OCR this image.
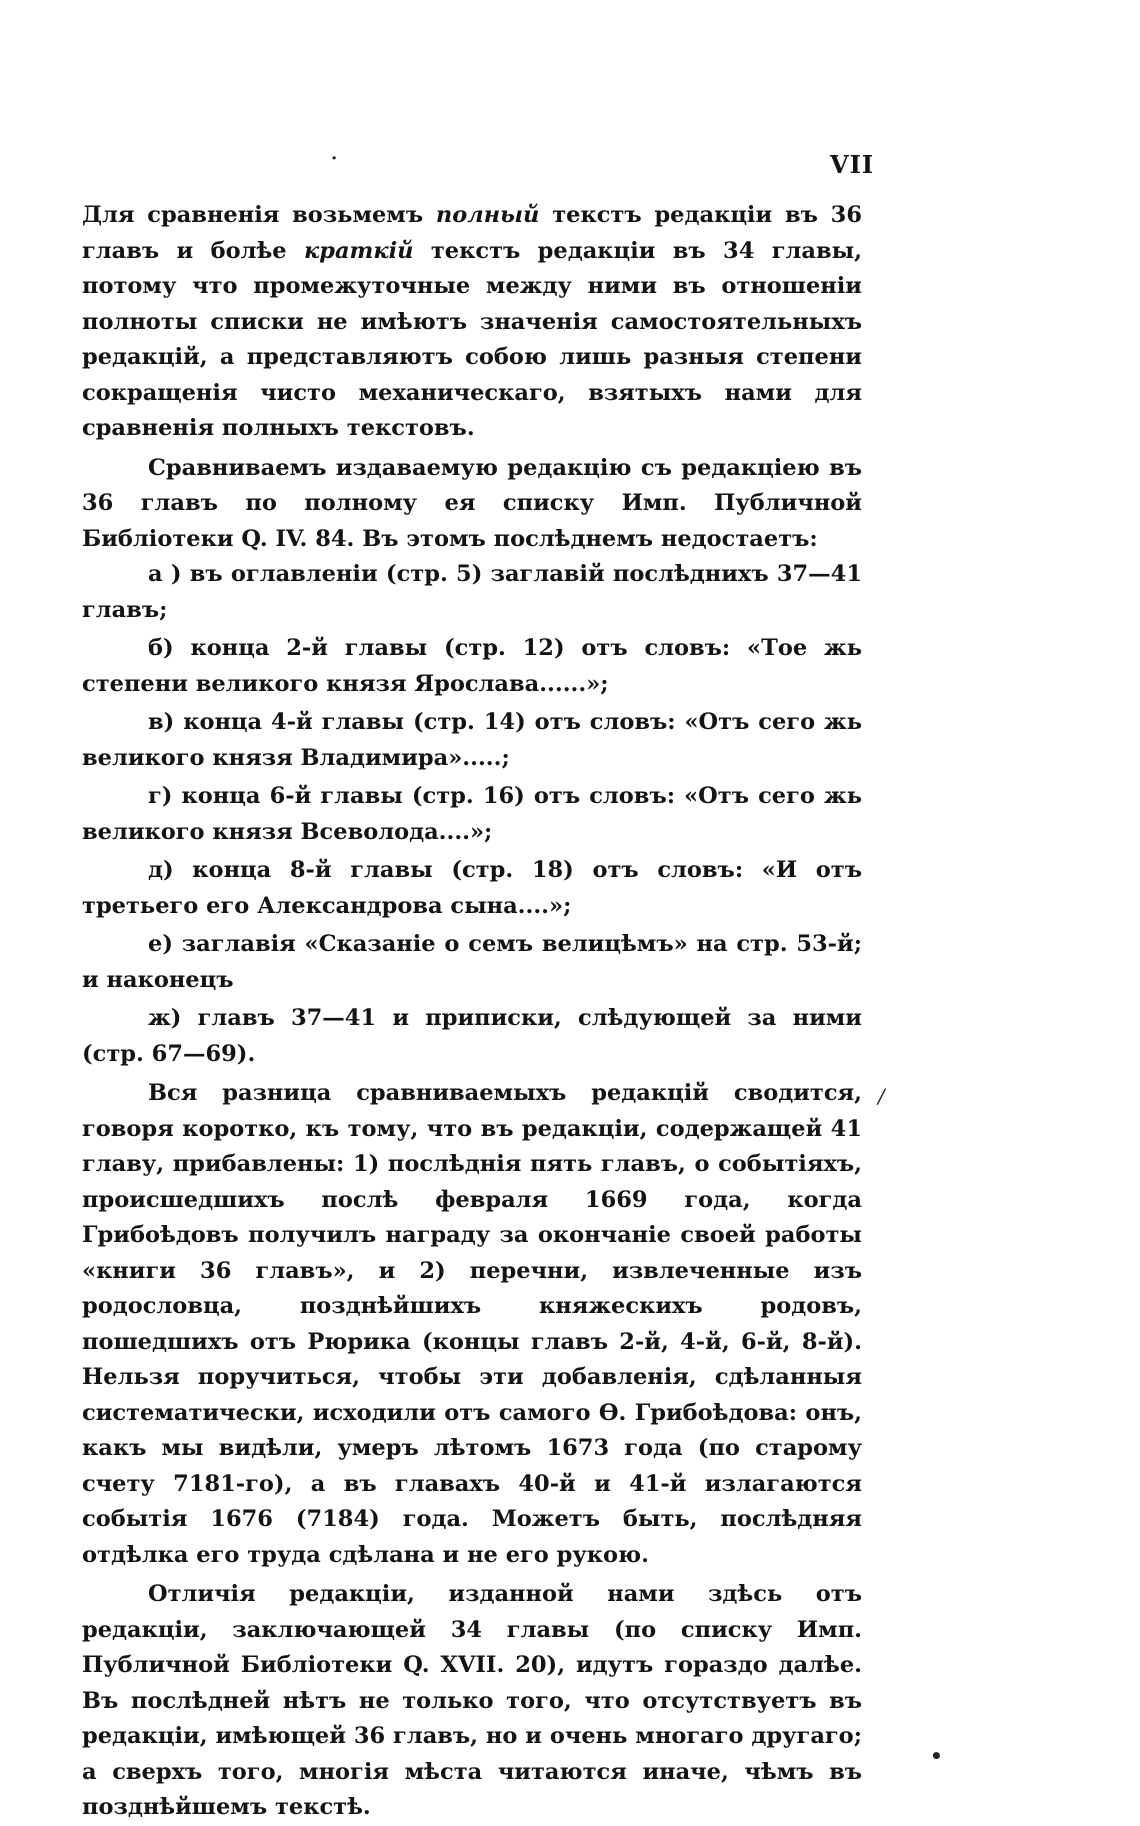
·	VII
/

Для сравненія возьмемъ полный текстъ редакціи въ 36 главъ и болѣе краткій текстъ редакціи въ 34 главы, потому что промежуточные между ними въ отношеніи полноты списки не имѣютъ значенія самостоятельныхъ редакцій, а представляютъ собою лишь разныя степени сокращенія чисто механическаго, взятыхъ нами для сравненія полныхъ текстовъ.

Сравниваемъ издаваемую редакцію съ редакціею въ 36 главъ по полному ея списку Имп. Публичной Библіотеки Q. IV. 84. Въ этомъ послѣднемъ недостаетъ:

а ) въ оглавленіи (стр. 5) заглавій послѣднихъ 37—41 главъ;

б) конца 2-й главы (стр. 12) отъ словъ: «Тое жь степени великого князя Ярослава......»;

в) конца 4-й главы (стр. 14) отъ словъ: «Отъ сего жь великого князя Владимира».....;

г) конца 6-й главы (стр. 16) отъ словъ: «Отъ сего жь великого князя Всеволода....»;

д) конца 8-й главы (стр. 18) отъ словъ: «И отъ третьего его Александрова сына....»;

е) заглавія «Сказаніе о семъ велицѣмъ» на стр. 53-й; и наконецъ

ж) главъ 37—41 и приписки, слѣдующей за ними (стр. 67—69).

Вся разница сравниваемыхъ редакцій сводится, говоря коротко, къ тому, что въ редакціи, содержащей 41 главу, прибавлены: 1) послѣднія пять главъ, о событіяхъ, происшедшихъ послѣ февраля 1669 года, когда Грибоѣдовъ получилъ награду за окончаніе своей работы «книги 36 главъ», и 2) перечни, извлеченные изъ родословца, позднѣйшихъ княжескихъ родовъ, пошедшихъ отъ Рюрика (концы главъ 2-й, 4-й, 6-й, 8-й). Нельзя поручиться, чтобы эти добавленія, сдѣланныя систематически, исходили отъ самого Ѳ. Грибоѣдова: онъ, какъ мы видѣли, умеръ лѣтомъ 1673 года (по старому счету 7181-го), а въ главахъ 40-й и 41-й излагаются событія 1676 (7184) года. Можетъ быть, послѣдняя отдѣлка его труда сдѣлана и не его рукою.

Отличія редакціи, изданной нами здѣсь отъ редакціи, заключающей 34 главы (по списку Имп. Публичной Библіотеки Q. XVII. 20), идутъ гораздо далѣе. Въ послѣдней нѣтъ не только того, что отсутствуетъ въ редакціи, имѣющей 36 главъ, но и очень многаго другаго; а сверхъ того, многія мѣста читаются иначе, чѣмъ въ позднѣйшемъ текстѣ.

•
